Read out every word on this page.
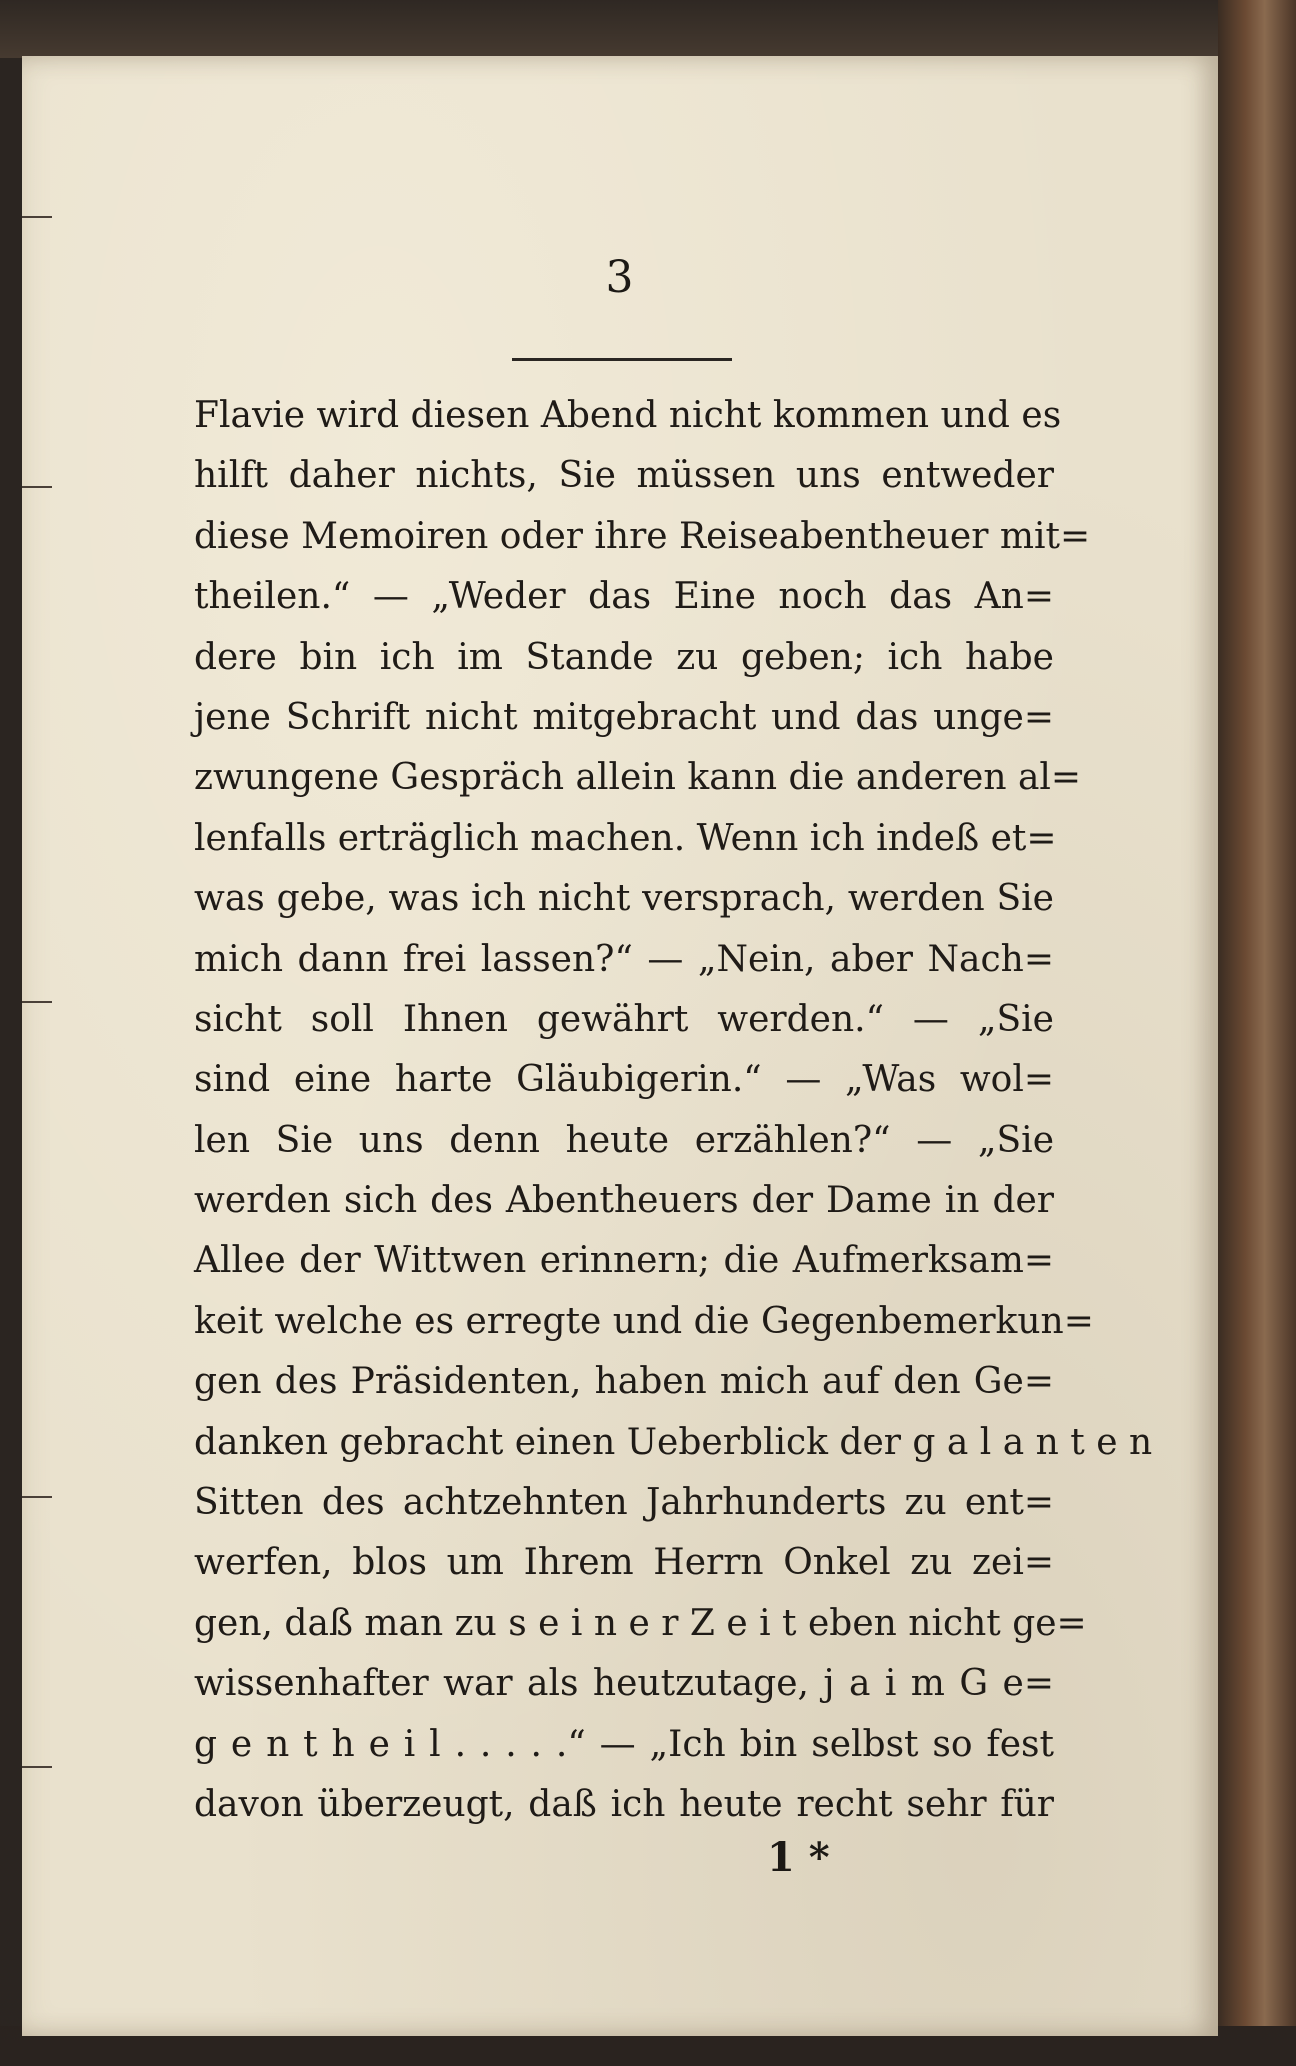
3
Flavie wird diesen Abend nicht kommen und es
hilft daher nichts, Sie müssen uns entweder
diese Memoiren oder ihre Reiseabentheuer mit=
theilen.“ — „Weder das Eine noch das An=
dere bin ich im Stande zu geben; ich habe
jene Schrift nicht mitgebracht und das unge=
zwungene Gespräch allein kann die anderen al=
lenfalls erträglich machen. Wenn ich indeß et=
was gebe, was ich nicht versprach, werden Sie
mich dann frei lassen?“ — „Nein, aber Nach=
sicht soll Ihnen gewährt werden.“ — „Sie
sind eine harte Gläubigerin.“ — „Was wol=
len Sie uns denn heute erzählen?“ — „Sie
werden sich des Abentheuers der Dame in der
Allee der Wittwen erinnern; die Aufmerksam=
keit welche es erregte und die Gegenbemerkun=
gen des Präsidenten, haben mich auf den Ge=
danken gebracht einen Ueberblick der g a l a n t e n
Sitten des achtzehnten Jahrhunderts zu ent=
werfen, blos um Ihrem Herrn Onkel zu zei=
gen, daß man zu s e i n e r Z e i t eben nicht ge=
wissenhafter war als heutzutage, j a i m G e=
g e n t h e i l . . . . .“ — „Ich bin selbst so fest
davon überzeugt, daß ich heute recht sehr für
1 *
